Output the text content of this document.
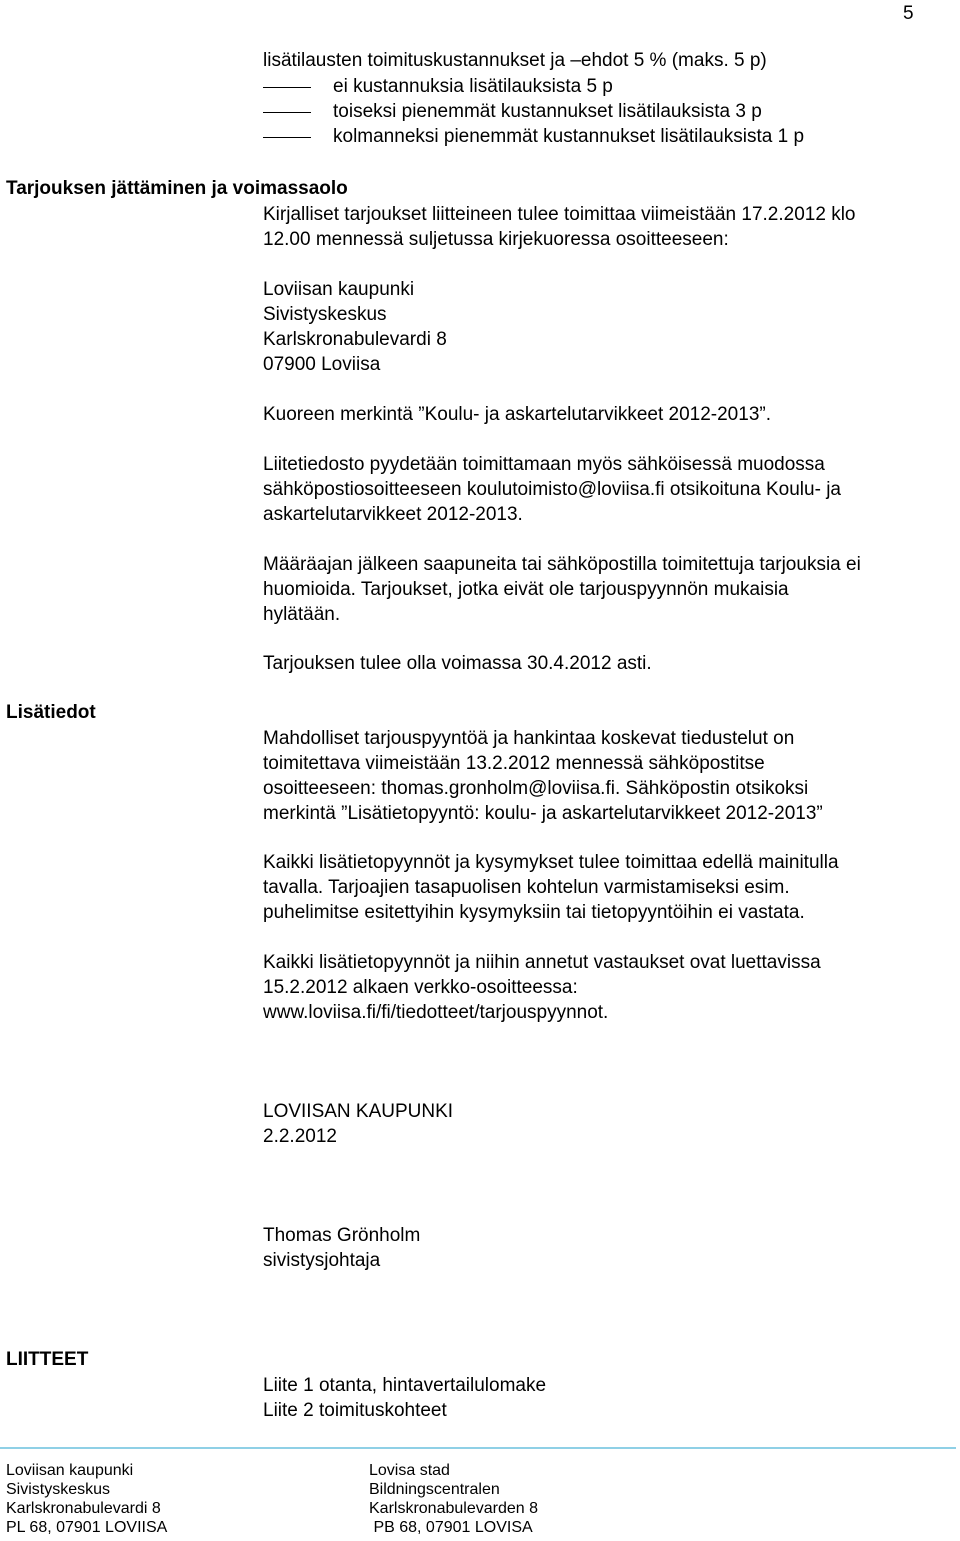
5
lisätilausten toimituskustannukset ja –ehdot 5 % (maks. 5 p)
ei kustannuksia lisätilauksista 5 p
toiseksi pienemmät kustannukset lisätilauksista 3 p
kolmanneksi pienemmät kustannukset lisätilauksista 1 p
Tarjouksen jättäminen ja voimassaolo
Kirjalliset tarjoukset liitteineen tulee toimittaa viimeistään 17.2.2012 klo
12.00 mennessä suljetussa kirjekuoressa osoitteeseen:
Loviisan kaupunki
Sivistyskeskus
Karlskronabulevardi 8
07900 Loviisa
Kuoreen merkintä ”Koulu- ja askartelutarvikkeet 2012-2013”.
Liitetiedosto pyydetään toimittamaan myös sähköisessä muodossa
sähköpostiosoitteeseen koulutoimisto@loviisa.fi otsikoituna Koulu- ja
askartelutarvikkeet 2012-2013.
Määräajan jälkeen saapuneita tai sähköpostilla toimitettuja tarjouksia ei
huomioida. Tarjoukset, jotka eivät ole tarjouspyynnön mukaisia
hylätään.
Tarjouksen tulee olla voimassa 30.4.2012 asti.
Lisätiedot
Mahdolliset tarjouspyyntöä ja hankintaa koskevat tiedustelut on
toimitettava viimeistään 13.2.2012 mennessä sähköpostitse
osoitteeseen: thomas.gronholm@loviisa.fi. Sähköpostin otsikoksi
merkintä ”Lisätietopyyntö: koulu- ja askartelutarvikkeet 2012-2013”
Kaikki lisätietopyynnöt ja kysymykset tulee toimittaa edellä mainitulla
tavalla. Tarjoajien tasapuolisen kohtelun varmistamiseksi esim.
puhelimitse esitettyihin kysymyksiin tai tietopyyntöihin ei vastata.
Kaikki lisätietopyynnöt ja niihin annetut vastaukset ovat luettavissa
15.2.2012 alkaen verkko-osoitteessa:
www.loviisa.fi/fi/tiedotteet/tarjouspyynnot.
LOVIISAN KAUPUNKI
2.2.2012
Thomas Grönholm
sivistysjohtaja
LIITTEET
Liite 1 otanta, hintavertailulomake
Liite 2 toimituskohteet
Loviisan kaupunki
Sivistyskeskus
Karlskronabulevardi 8
PL 68, 07901 LOVIISA
Lovisa stad
Bildningscentralen
Karlskronabulevarden 8
PB 68, 07901 LOVISA
